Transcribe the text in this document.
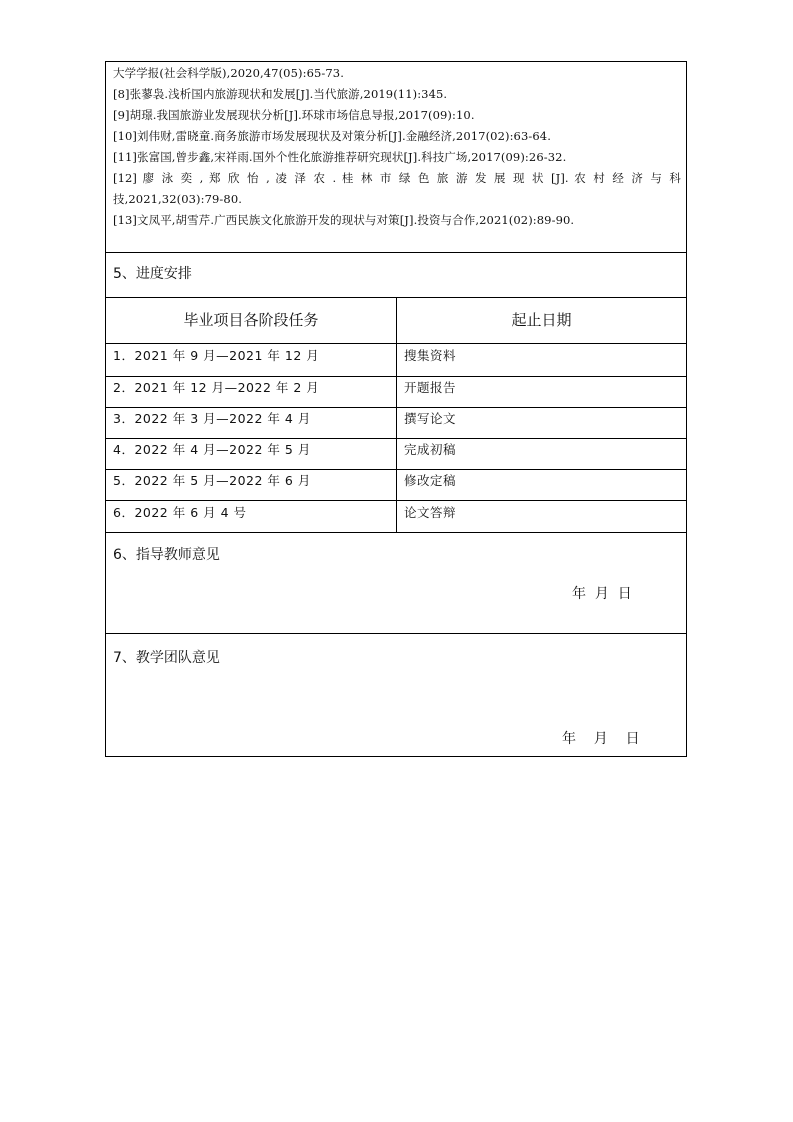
大学学报(社会科学版),2020,47(05):65-73.
[8]张蓼袅.浅析国内旅游现状和发展[J].当代旅游,2019(11):345.
[9]胡璟.我国旅游业发展现状分析[J].环球市场信息导报,2017(09):10.
[10]刘伟财,雷晓童.商务旅游市场发展现状及对策分析[J].金融经济,2017(02):63-64.
[11]张富国,曾步鑫,宋祥雨.国外个性化旅游推荐研究现状[J].科技广场,2017(09):26-32.
[12] 廖 泳 奕 , 郑 欣 怡 , 凌 泽 农 . 桂 林 市 绿 色 旅 游 发 展 现 状 [J]. 农 村 经 济 与 科
技,2021,32(03):79-80.
[13]文凤平,胡雪芹.广西民族文化旅游开发的现状与对策[J].投资与合作,2021(02):89-90.
5、进度安排
毕业项目各阶段任务	起止日期
1．2021 年 9 月—2021 年 12 月	搜集资料
2．2021 年 12 月—2022 年 2 月	开题报告
3．2022 年 3 月—2022 年 4 月	撰写论文
4．2022 年 4 月—2022 年 5 月	完成初稿
5．2022 年 5 月—2022 年 6 月	修改定稿
6．2022 年 6 月 4 号	论文答辩
6、指导教师意见
年  月  日
7、教学团队意见
年    月    日
